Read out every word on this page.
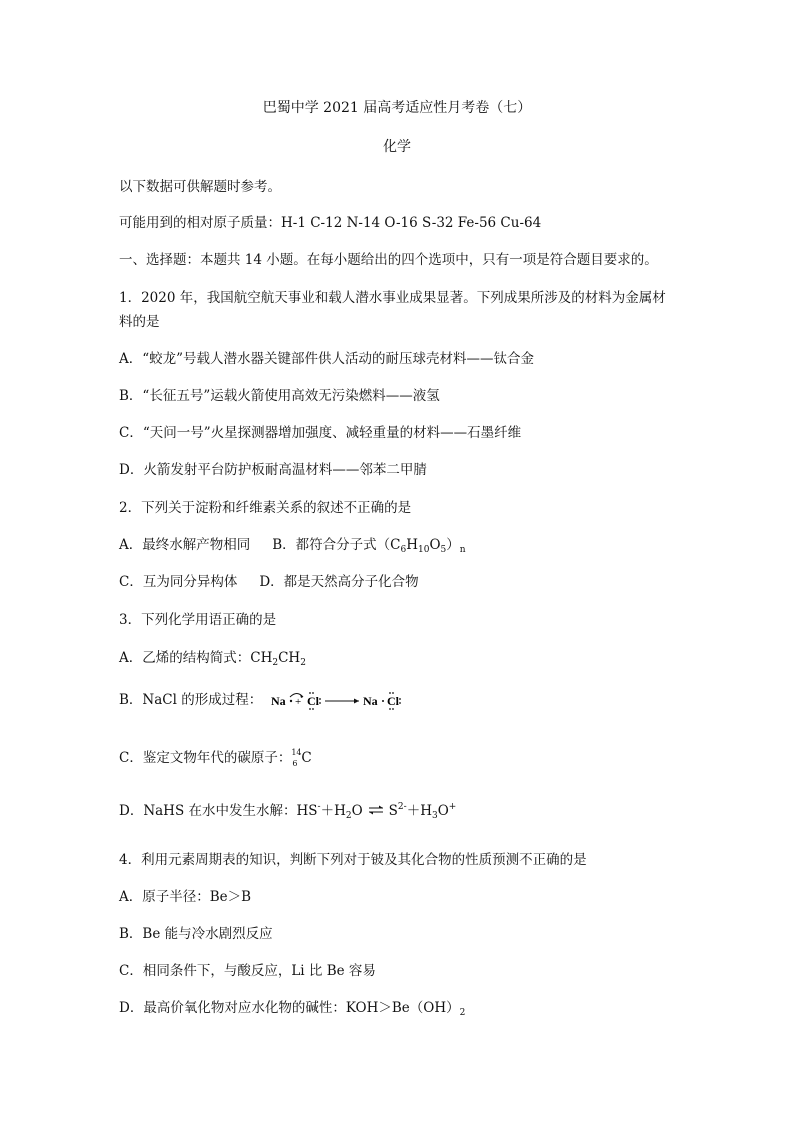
巴蜀中学 2021 届高考适应性月考卷（七）
化学
以下数据可供解题时参考。
可能用到的相对原子质量：H-1 C-12 N-14 O-16 S-32 Fe-56 Cu-64
一、选择题：本题共 14 小题。在每小题给出的四个选项中，只有一项是符合题目要求的。
1．2020 年，我国航空航天事业和载人潜水事业成果显著。下列成果所涉及的材料为金属材
料的是
A．“蛟龙”号载人潜水器关键部件供人活动的耐压球壳材料——钛合金
B．“长征五号”运载火箭使用高效无污染燃料——液氢
C．“天问一号”火星探测器增加强度、减轻重量的材料——石墨纤维
D．火箭发射平台防护板耐高温材料——邻苯二甲腈
2．下列关于淀粉和纤维素关系的叙述不正确的是
A．最终水解产物相同 B．都符合分子式$(C_6H_{10}O_5)_n$
C．互为同分异构体 D．都是天然高分子化合物
3．下列化学用语正确的是
A．乙烯的结构简式：$CH_2CH_2$
B．NaCl 的形成过程： Na + Cl	Na Cl
C．鉴定文物年代的碳原子： 14
6 C
D．NaHS 在水中发生水解：$HS^-+H_2O$ ⇌ $S^{2-}+H_3O^+$
4．利用元素周期表的知识，判断下列对于铍及其化合物的性质预测不正确的是
A．原子半径：Be＞B
B．Be 能与冷水剧烈反应
C．相同条件下，与酸反应，Li 比 Be 容易
D．最高价氧化物对应水化物的碱性：$KOH>Be(OH)_2$
